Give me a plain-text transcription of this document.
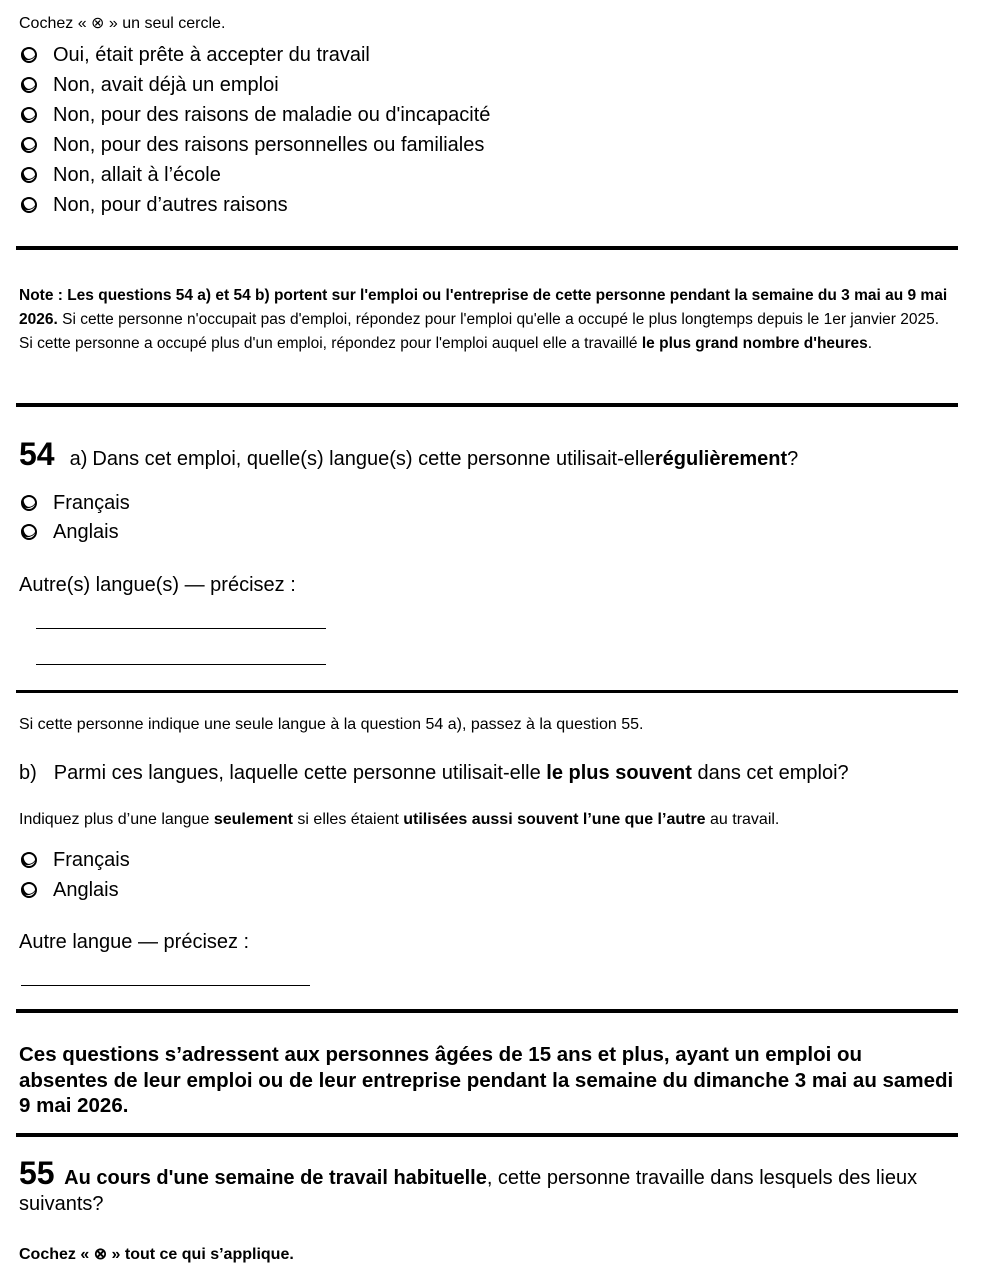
Cochez « ⊗ » un seul cercle.
Oui, était prête à accepter du travail
Non, avait déjà un emploi
Non, pour des raisons de maladie ou d'incapacité
Non, pour des raisons personnelles ou familiales
Non, allait à l’école
Non, pour d’autres raisons
Note : Les questions 54 a) et 54 b) portent sur l'emploi ou l'entreprise de cette personne pendant la semaine du 3 mai au 9 mai 2026. Si cette personne n'occupait pas d'emploi, répondez pour l'emploi qu'elle a occupé le plus longtemps depuis le 1er janvier 2025. Si cette personne a occupé plus d'un emploi, répondez pour l'emploi auquel elle a travaillé le plus grand nombre d'heures.
54 a) Dans cet emploi, quelle(s) langue(s) cette personne utilisait-elle régulièrement ?
Français
Anglais
Autre(s) langue(s) — précisez :
Si cette personne indique une seule langue à la question 54 a), passez à la question 55.
b) Parmi ces langues, laquelle cette personne utilisait-elle le plus souvent dans cet emploi?
Indiquez plus d’une langue seulement si elles étaient utilisées aussi souvent l’une que l’autre au travail.
Français
Anglais
Autre langue — précisez :
Ces questions s’adressent aux personnes âgées de 15 ans et plus, ayant un emploi ou absentes de leur emploi ou de leur entreprise pendant la semaine du dimanche 3 mai au samedi 9 mai 2026.
55 Au cours d'une semaine de travail habituelle, cette personne travaille dans lesquels des lieux suivants?
Cochez « ⊗ » tout ce qui s’applique.
